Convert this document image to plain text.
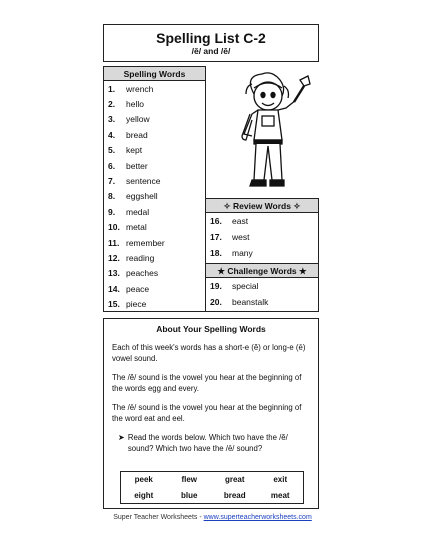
Spelling List C-2
/ĕ/ and /ē/
Spelling Words
1.	wrench
2.	hello
3.	yellow
4.	bread
5.	kept
6.	better
7.	sentence
8.	eggshell
9.	medal
10. metal
11. remember
12. reading
13. peaches
14. peace
15. piece
✧ Review Words ✧
16.	east
17.	west
18.	many
★ Challenge Words ★
19.	special
20.	beanstalk
About Your Spelling Words

Each of this week's words has a short-e (ĕ) or long-e (ē) vowel sound.

The /ĕ/ sound is the vowel you hear at the beginning of the words egg and every.

The /ē/ sound is the vowel you hear at the beginning of the word eat and eel.

➤ Read the words below. Which two have the /ĕ/ sound? Which two have the /ē/ sound?
peek	flew	great	exit
eight	blue	bread	meat
Super Teacher Worksheets - www.superteacherworksheets.com
